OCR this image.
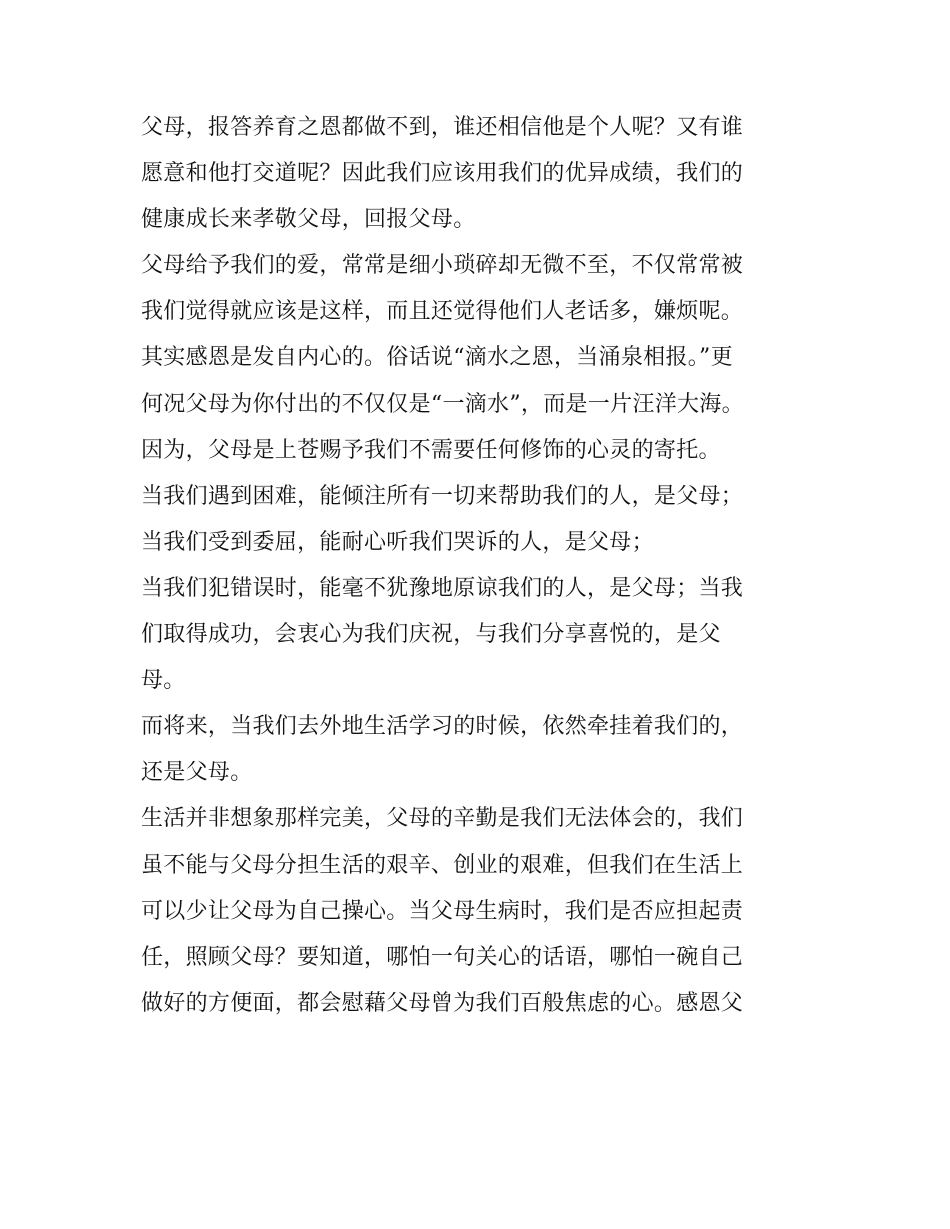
父母，报答养育之恩都做不到，谁还相信他是个人呢？又有谁
愿意和他打交道呢？因此我们应该用我们的优异成绩，我们的
健康成长来孝敬父母，回报父母。
父母给予我们的爱，常常是细小琐碎却无微不至，不仅常常被
我们觉得就应该是这样，而且还觉得他们人老话多，嫌烦呢。
其实感恩是发自内心的。俗话说“滴水之恩，当涌泉相报。”更
何况父母为你付出的不仅仅是“一滴水”，而是一片汪洋大海。
因为，父母是上苍赐予我们不需要任何修饰的心灵的寄托。
当我们遇到困难，能倾注所有一切来帮助我们的人，是父母；
当我们受到委屈，能耐心听我们哭诉的人，是父母；
当我们犯错误时，能毫不犹豫地原谅我们的人，是父母；当我
们取得成功，会衷心为我们庆祝，与我们分享喜悦的，是父
母。
而将来，当我们去外地生活学习的时候，依然牵挂着我们的，
还是父母。
生活并非想象那样完美，父母的辛勤是我们无法体会的，我们
虽不能与父母分担生活的艰辛、创业的艰难，但我们在生活上
可以少让父母为自己操心。当父母生病时，我们是否应担起责
任，照顾父母？要知道，哪怕一句关心的话语，哪怕一碗自己
做好的方便面，都会慰藉父母曾为我们百般焦虑的心。感恩父
